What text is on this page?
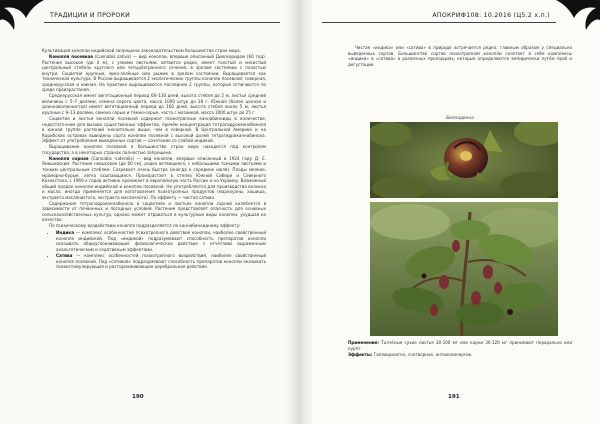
ТРАДИЦИИ И ПРОРОКИ

Культивация конопли индийской запрещена законодательством большинства стран мира.

Конопля посевная (Cannabis sativa) — вид конопли, впервые описанный Диоскоридом (60 год). Растение высокое (до 4 м), с узкими листьями, ветвится редко, имеет толстый и мясистый центральный стебель круглого или четырёхгранного сечения, в зрелом состоянии с полостью внутри. Соцветия крупные, ярко-зелёные или рыжие в зрелом состоянии. Выращивается как техническая культура. В России выращивается 2 экологических группы конопли посевной: северная, среднерусская и южная. На практике выращиваются последние 2 группы, которые отличаются по среде произрастания.

Среднерусская имеет вегетационный период 60–130 дней, высота стебля до 2 м, листья средней величины с 5–7 долями, семена серого цвета, масса 1000 штук до 18 г. Южная (более ценная и длинноволокнистая) имеет вегетационный период до 160 дней, высота стебля около 5 м, листья крупные с 9–13 долями, семена серые и тёмно-серые, часто с мозаикой, масса 1000 штук до 25 г.

Соцветия и листья конопли посевной содержат психотропные каннабиноиды в количестве, недостаточном для вызова существенных эффектов, причём концентрация тетрагидроканнабинола в южной группе растений значительно выше, чем в северной. В Центральной Америке и на Карибских островах выведены сорта конопли посевной с высокой долей тетрагидроканнабинола. Эффект от употребления выведенных сортов — сочетание со слабой индикой.

Выращивание конопли посевной в большинстве стран мира находится под контролем государства, а в некоторых странах полностью запрещено.

Конопля сорная (Cannabis ruderalis) — вид конопли, впервые описанный в 1924 году Д. Е. Янишевским. Растение невысокое (до 60 см), редко ветвящееся, с небольшими тонкими листьями и тонким центральным стеблем. Созревает очень быстро (иногда к середине июля). Плоды мелкие, мраморно-бурые, легко осыпающиеся. Произрастает в степях Южной Сибири и Северного Казахстана, с 1960-х годов активно проникает в европейскую часть России и на Украину. Возможный общий предок конопли индийской и конопли посевной. Не употребляется для производства волокна и масла, иногда применяется для изготовления психотропных продуктов (марихуаны, хашиша, экстракта маслянистого, экстракта масличного). По эффекту — чистая сатива.

Содержание тетрагидроканнабинола в соцветиях и листьях конопли сорной колеблется в зависимости от почвенных и погодных условий. Растение представляет опасность для основных сельскохозяйственных культур, однако может отдаваться в культурные виды конопли, ухудшая их качество.

По психическому воздействию конопля подразделяется по каннабиноидному эффекту:

• Индика — комплекс особенностей психотропного действия конопли, наиболее свойственный конопле индийской. Под «индикой» подразумевают способность препаратов конопли оказывать общеуспокаивающее физиологическое действие с отчётливо выраженным анальгетическим и седативным эффектами.
• Сатива — комплекс особенностей психотропного воздействия, наиболее свойственный конопле посевной. Под «сативой» подразумевают способность препаратов конопли оказывать психостимулирующее и растормаживающее церебральное действие.
190
АПОКРИФ108: 10.2016 (Ц5.2 х.п.)

Чистая «индика» или «сатива» в природе встречается редко, главным образом у специально выведенных сортов. Большинство сортов психотропной конопли сочетает в себе комплексы «индика» и «сатива» в различных пропорциях, которые определяются эмпирически путём проб и дегустации.

Белладонна

Применение: Толчёные сухие листья 30-100 мг или корни 30-120 мг принимают перорально или курят.

Эффекты: Галлюциноген, снотворное, антихолинергик.

191
